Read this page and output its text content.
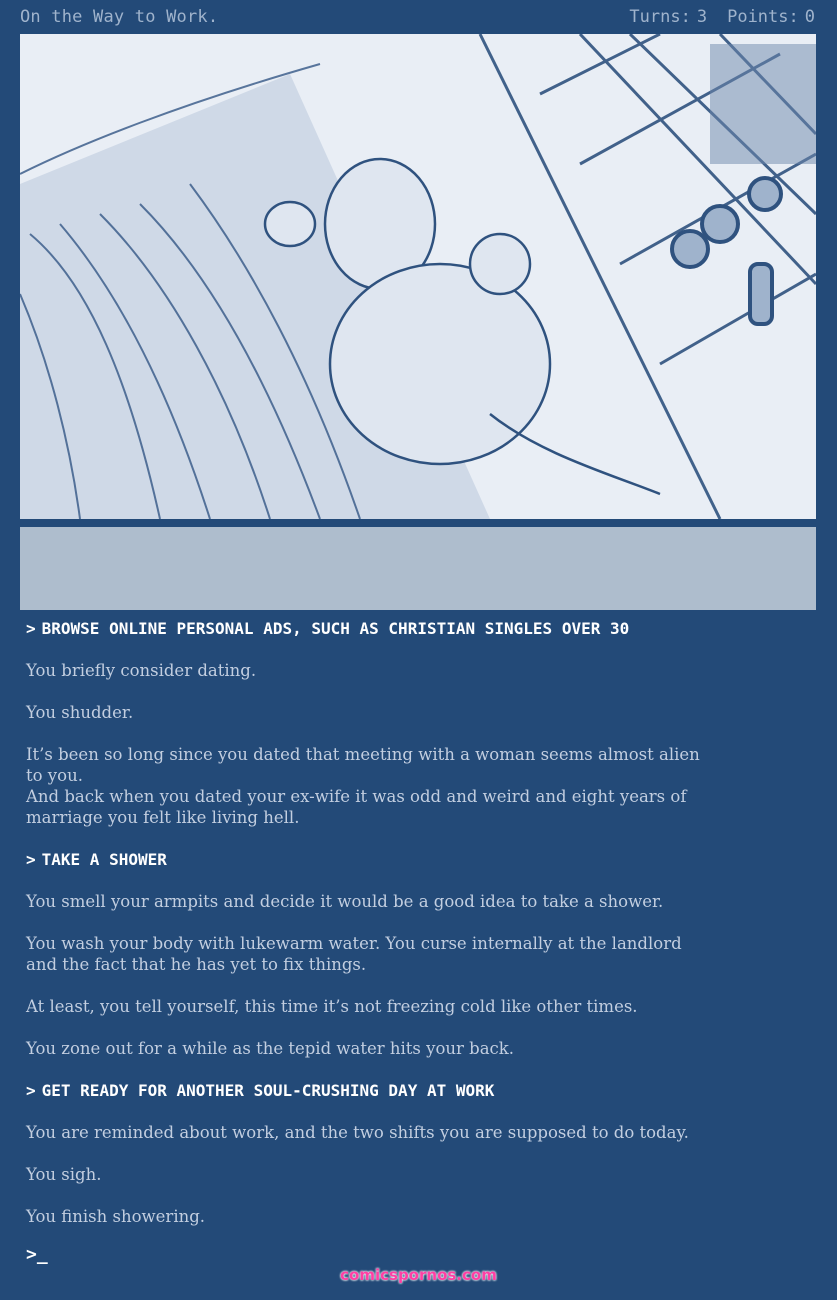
On the Way to Work.	Turns: 3 Points: 0
> BROWSE ONLINE PERSONAL ADS, SUCH AS CHRISTIAN SINGLES OVER 30
You briefly consider dating.
You shudder.
It’s been so long since you dated that meeting with a woman seems almost alien
to you.
And back when you dated your ex-wife it was odd and weird and eight years of
marriage you felt like living hell.
> TAKE A SHOWER
You smell your armpits and decide it would be a good idea to take a shower.
You wash your body with lukewarm water. You curse internally at the landlord
and the fact that he has yet to fix things.
At least, you tell yourself, this time it’s not freezing cold like other times.
You zone out for a while as the tepid water hits your back.
> GET READY FOR ANOTHER SOUL-CRUSHING DAY AT WORK
You are reminded about work, and the two shifts you are supposed to do today.
You sigh.
You finish showering.
>_
comicspornos.com
